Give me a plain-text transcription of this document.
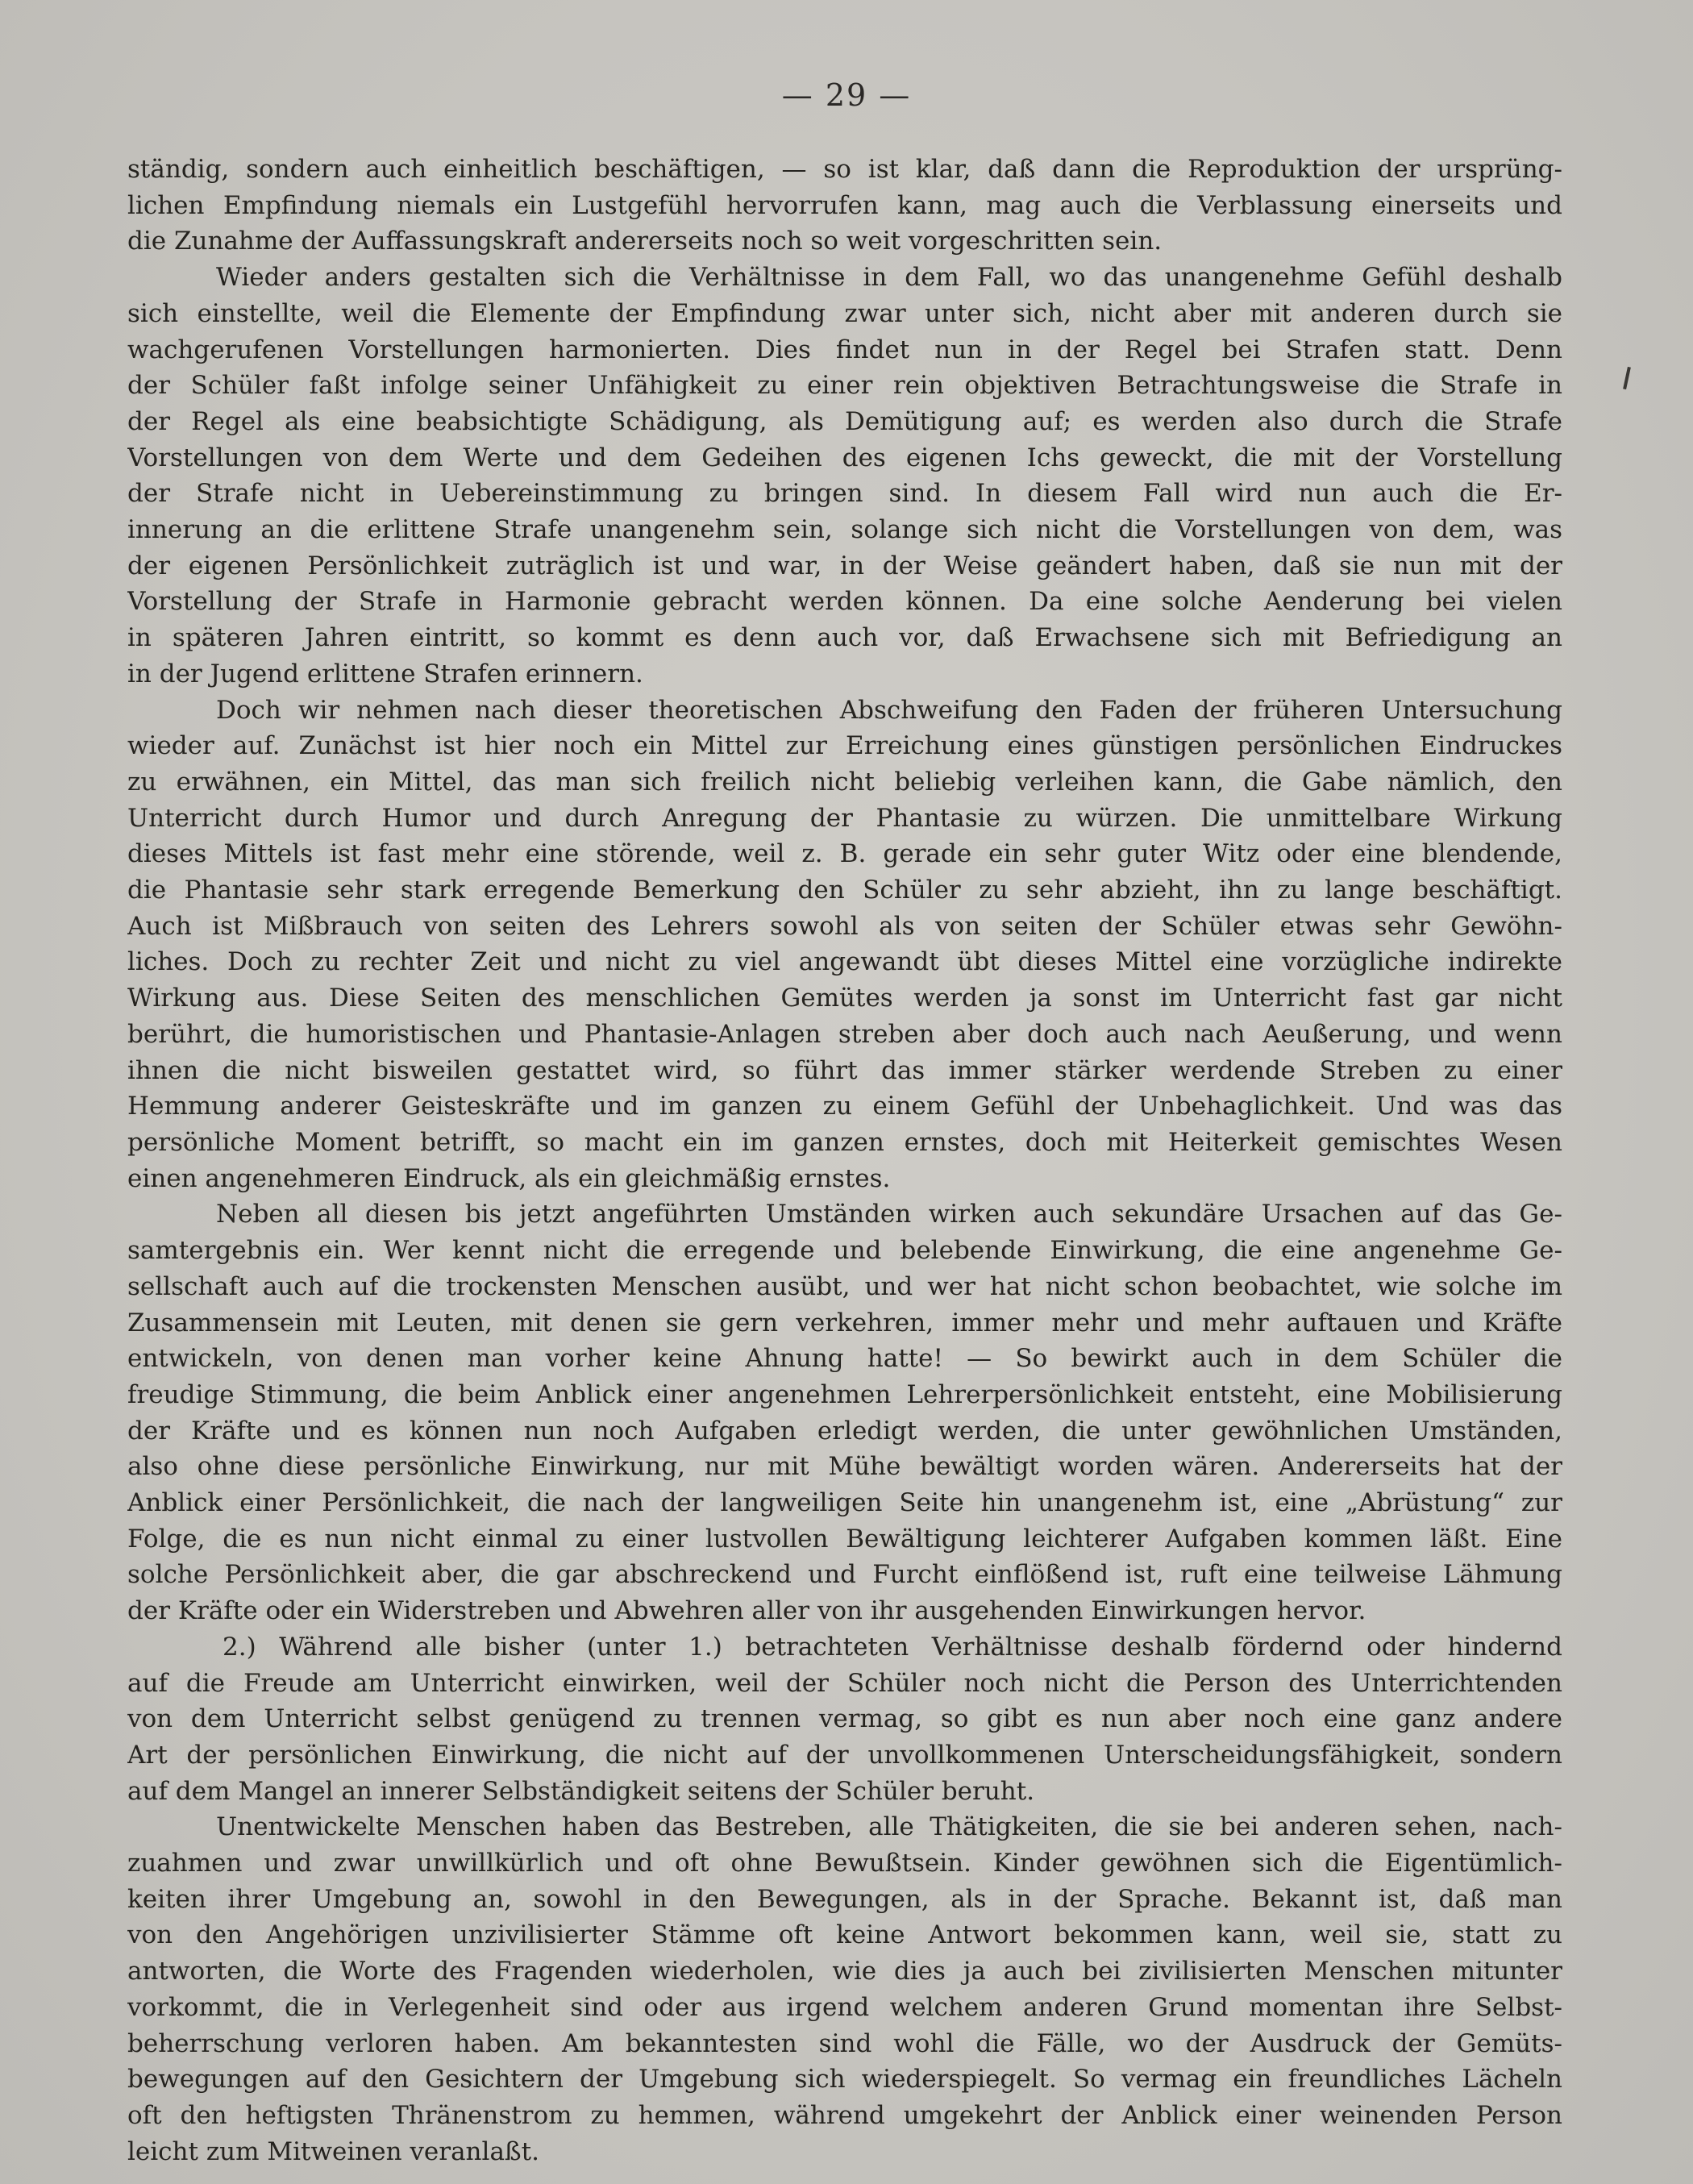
— 29 —
ständig, sondern auch einheitlich beschäftigen, — so ist klar, daß dann die Reproduktion der ursprüng-
lichen Empfindung niemals ein Lustgefühl hervorrufen kann, mag auch die Verblassung einerseits und
die Zunahme der Auffassungskraft andererseits noch so weit vorgeschritten sein.
Wieder anders gestalten sich die Verhältnisse in dem Fall, wo das unangenehme Gefühl deshalb
sich einstellte, weil die Elemente der Empfindung zwar unter sich, nicht aber mit anderen durch sie
wachgerufenen Vorstellungen harmonierten. Dies findet nun in der Regel bei Strafen statt. Denn
der Schüler faßt infolge seiner Unfähigkeit zu einer rein objektiven Betrachtungsweise die Strafe in
der Regel als eine beabsichtigte Schädigung, als Demütigung auf; es werden also durch die Strafe
Vorstellungen von dem Werte und dem Gedeihen des eigenen Ichs geweckt, die mit der Vorstellung
der Strafe nicht in Uebereinstimmung zu bringen sind. In diesem Fall wird nun auch die Er-
innerung an die erlittene Strafe unangenehm sein, solange sich nicht die Vorstellungen von dem, was
der eigenen Persönlichkeit zuträglich ist und war, in der Weise geändert haben, daß sie nun mit der
Vorstellung der Strafe in Harmonie gebracht werden können. Da eine solche Aenderung bei vielen
in späteren Jahren eintritt, so kommt es denn auch vor, daß Erwachsene sich mit Befriedigung an
in der Jugend erlittene Strafen erinnern.
Doch wir nehmen nach dieser theoretischen Abschweifung den Faden der früheren Untersuchung
wieder auf. Zunächst ist hier noch ein Mittel zur Erreichung eines günstigen persönlichen Eindruckes
zu erwähnen, ein Mittel, das man sich freilich nicht beliebig verleihen kann, die Gabe nämlich, den
Unterricht durch Humor und durch Anregung der Phantasie zu würzen. Die unmittelbare Wirkung
dieses Mittels ist fast mehr eine störende, weil z. B. gerade ein sehr guter Witz oder eine blendende,
die Phantasie sehr stark erregende Bemerkung den Schüler zu sehr abzieht, ihn zu lange beschäftigt.
Auch ist Mißbrauch von seiten des Lehrers sowohl als von seiten der Schüler etwas sehr Gewöhn-
liches. Doch zu rechter Zeit und nicht zu viel angewandt übt dieses Mittel eine vorzügliche indirekte
Wirkung aus. Diese Seiten des menschlichen Gemütes werden ja sonst im Unterricht fast gar nicht
berührt, die humoristischen und Phantasie-Anlagen streben aber doch auch nach Aeußerung, und wenn
ihnen die nicht bisweilen gestattet wird, so führt das immer stärker werdende Streben zu einer
Hemmung anderer Geisteskräfte und im ganzen zu einem Gefühl der Unbehaglichkeit. Und was das
persönliche Moment betrifft, so macht ein im ganzen ernstes, doch mit Heiterkeit gemischtes Wesen
einen angenehmeren Eindruck, als ein gleichmäßig ernstes.
Neben all diesen bis jetzt angeführten Umständen wirken auch sekundäre Ursachen auf das Ge-
samtergebnis ein. Wer kennt nicht die erregende und belebende Einwirkung, die eine angenehme Ge-
sellschaft auch auf die trockensten Menschen ausübt, und wer hat nicht schon beobachtet, wie solche im
Zusammensein mit Leuten, mit denen sie gern verkehren, immer mehr und mehr auftauen und Kräfte
entwickeln, von denen man vorher keine Ahnung hatte! — So bewirkt auch in dem Schüler die
freudige Stimmung, die beim Anblick einer angenehmen Lehrerpersönlichkeit entsteht, eine Mobilisierung
der Kräfte und es können nun noch Aufgaben erledigt werden, die unter gewöhnlichen Umständen,
also ohne diese persönliche Einwirkung, nur mit Mühe bewältigt worden wären. Andererseits hat der
Anblick einer Persönlichkeit, die nach der langweiligen Seite hin unangenehm ist, eine „Abrüstung“ zur
Folge, die es nun nicht einmal zu einer lustvollen Bewältigung leichterer Aufgaben kommen läßt. Eine
solche Persönlichkeit aber, die gar abschreckend und Furcht einflößend ist, ruft eine teilweise Lähmung
der Kräfte oder ein Widerstreben und Abwehren aller von ihr ausgehenden Einwirkungen hervor.
2.) Während alle bisher (unter 1.) betrachteten Verhältnisse deshalb fördernd oder hindernd
auf die Freude am Unterricht einwirken, weil der Schüler noch nicht die Person des Unterrichtenden
von dem Unterricht selbst genügend zu trennen vermag, so gibt es nun aber noch eine ganz andere
Art der persönlichen Einwirkung, die nicht auf der unvollkommenen Unterscheidungsfähigkeit, sondern
auf dem Mangel an innerer Selbständigkeit seitens der Schüler beruht.
Unentwickelte Menschen haben das Bestreben, alle Thätigkeiten, die sie bei anderen sehen, nach-
zuahmen und zwar unwillkürlich und oft ohne Bewußtsein. Kinder gewöhnen sich die Eigentümlich-
keiten ihrer Umgebung an, sowohl in den Bewegungen, als in der Sprache. Bekannt ist, daß man
von den Angehörigen unzivilisierter Stämme oft keine Antwort bekommen kann, weil sie, statt zu
antworten, die Worte des Fragenden wiederholen, wie dies ja auch bei zivilisierten Menschen mitunter
vorkommt, die in Verlegenheit sind oder aus irgend welchem anderen Grund momentan ihre Selbst-
beherrschung verloren haben. Am bekanntesten sind wohl die Fälle, wo der Ausdruck der Gemüts-
bewegungen auf den Gesichtern der Umgebung sich wiederspiegelt. So vermag ein freundliches Lächeln
oft den heftigsten Thränenstrom zu hemmen, während umgekehrt der Anblick einer weinenden Person
leicht zum Mitweinen veranlaßt.
